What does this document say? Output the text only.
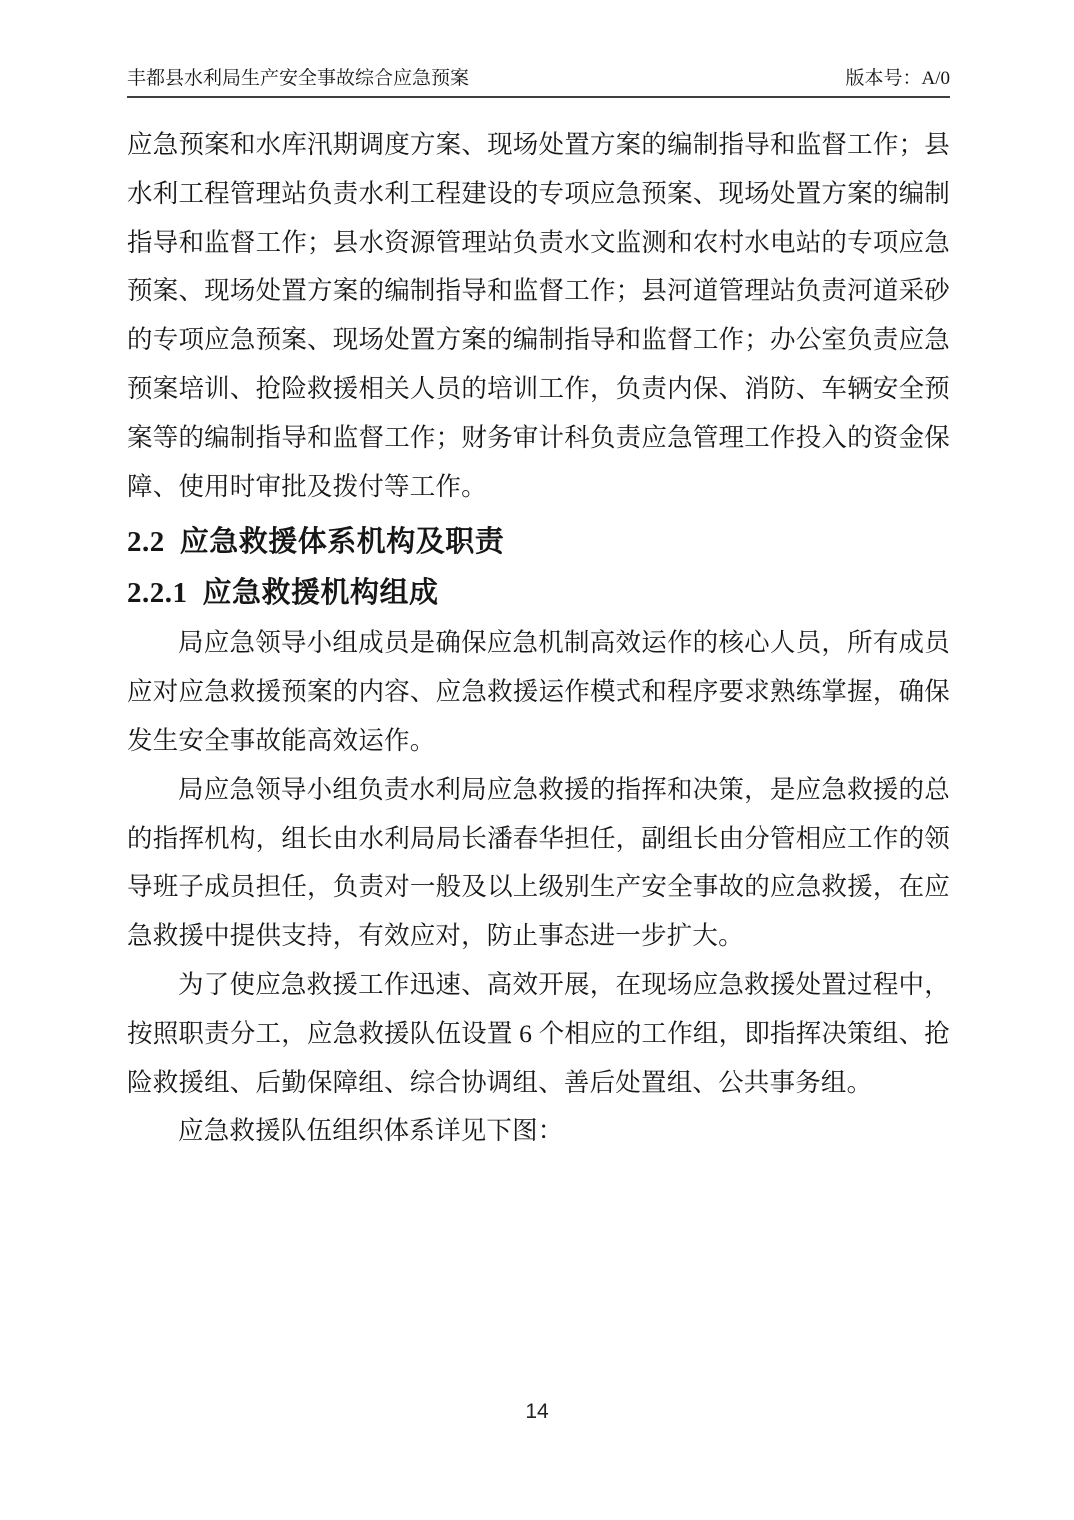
丰都县水利局生产安全事故综合应急预案	版本号：A/0

应急预案和水库汛期调度方案、现场处置方案的编制指导和监督工作；县水利工程管理站负责水利工程建设的专项应急预案、现场处置方案的编制指导和监督工作；县水资源管理站负责水文监测和农村水电站的专项应急预案、现场处置方案的编制指导和监督工作；县河道管理站负责河道采砂的专项应急预案、现场处置方案的编制指导和监督工作；办公室负责应急预案培训、抢险救援相关人员的培训工作，负责内保、消防、车辆安全预案等的编制指导和监督工作；财务审计科负责应急管理工作投入的资金保障、使用时审批及拨付等工作。

2.2 应急救援体系机构及职责
2.2.1 应急救援机构组成

局应急领导小组成员是确保应急机制高效运作的核心人员，所有成员应对应急救援预案的内容、应急救援运作模式和程序要求熟练掌握，确保发生安全事故能高效运作。

局应急领导小组负责水利局应急救援的指挥和决策，是应急救援的总的指挥机构，组长由水利局局长潘春华担任，副组长由分管相应工作的领导班子成员担任，负责对一般及以上级别生产安全事故的应急救援，在应急救援中提供支持，有效应对，防止事态进一步扩大。

为了使应急救援工作迅速、高效开展，在现场应急救援处置过程中，按照职责分工，应急救援队伍设置 6 个相应的工作组，即指挥决策组、抢险救援组、后勤保障组、综合协调组、善后处置组、公共事务组。

应急救援队伍组织体系详见下图：

14
